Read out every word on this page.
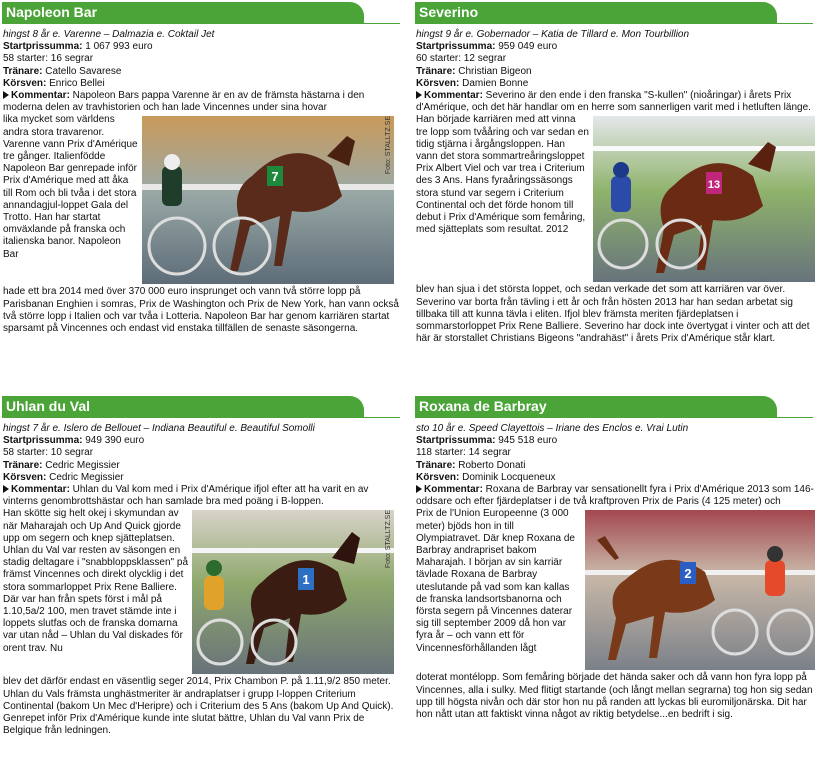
Napoleon Bar
hingst 8 år e. Varenne – Dalmazia e. Coktail Jet
Startprissumma: 1 067 993 euro
58 starter: 16 segrar
Tränare: Catello Savarese
Körsven: Enrico Bellei
Kommentar: Napoleon Bars pappa Varenne är en av de främsta hästarna i den moderna delen av travhistorien och han lade Vincennes under sina hovar
7
Foto: STALLTZ.SE
lika mycket som världens andra stora travarenor. Varenne vann Prix d'Amérique tre gånger. Italienfödde Napoleon Bar genrepade inför Prix d'Amérique med att åka till Rom och bli tvåa i det stora annandagjul-loppet Gala del Trotto. Han har startat omväxlande på franska och italienska banor. Napoleon Bar
hade ett bra 2014 med över 370 000 euro insprunget och vann två större lopp på Parisbanan Enghien i somras, Prix de Washington och Prix de New York, han vann också två större lopp i Italien och var tvåa i Lotteria. Napoleon Bar har genom karriären startat sparsamt på Vincennes och endast vid enstaka tillfällen de senaste säsongerna.
Severino
hingst 9 år e. Gobernador – Katia de Tillard e. Mon Tourbillion
Startprissumma: 959 049 euro
60 starter: 12 segrar
Tränare: Christian Bigeon
Körsven: Damien Bonne
Kommentar: Severino är den ende i den franska "S-kullen" (nioåringar) i årets Prix d'Amérique, och det här handlar om en herre som sannerligen varit med i hetluften länge.
13
Han började karriären med att vinna tre lopp som tvååring och var sedan en tidig stjärna i årgångsloppen. Han vann det stora sommartreåringsloppet Prix Albert Viel och var trea i Criterium des 3 Ans. Hans fyraåringssäsongs stora stund var segern i Criterium Continental och det förde honom till debut i Prix d'Amérique som femåring, med sjätteplats som resultat. 2012
blev han sjua i det största loppet, och sedan verkade det som att karriären var över. Severino var borta från tävling i ett år och från hösten 2013 har han sedan arbetat sig tillbaka till att kunna tävla i eliten. Ifjol blev främsta meriten fjärdeplatsen i sommarstorloppet Prix Rene Balliere. Severino har dock inte övertygat i vinter och att det här är storstallet Christians Bigeons "andrahäst" i årets Prix d'Amérique står klart.
Uhlan du Val
hingst 7 år e. Islero de Bellouet – Indiana Beautiful e. Beautiful Somolli
Startprissumma: 949 390 euro
58 starter: 10 segrar
Tränare: Cedric Megissier
Körsven: Cedric Megissier
Kommentar: Uhlan du Val kom med i Prix d'Amérique ifjol efter att ha varit en av vinterns genombrottshästar och han samlade bra med poäng i B-loppen.
1
Foto: STALLTZ.SE
Han skötte sig helt okej i skymundan av när Maharajah och Up And Quick gjorde upp om segern och knep sjätteplatsen. Uhlan du Val var resten av säsongen en stadig deltagare i "snabbloppsklassen" på främst Vincennes och direkt olycklig i det stora sommarloppet Prix Rene Balliere. Där var han från spets först i mål på 1.10,5a/2 100, men travet stämde inte i loppets slutfas och de franska domarna var utan nåd – Uhlan du Val diskades för orent trav. Nu
blev det därför endast en väsentlig seger 2014, Prix Chambon P. på 1.11,9/2 850 meter. Uhlan du Vals främsta unghästmeriter är andraplatser i grupp I-loppen Criterium Continental (bakom Un Mec d'Heripre) och i Criterium des 5 Ans (bakom Up And Quick). Genrepet inför Prix d'Amérique kunde inte slutat bättre, Uhlan du Val vann Prix de Belgique från ledningen.
Roxana de Barbray
sto 10 år e. Speed Clayettois – Iriane des Enclos e. Vrai Lutin
Startprissumma: 945 518 euro
118 starter: 14 segrar
Tränare: Roberto Donati
Körsven: Dominik Locqueneux
Kommentar: Roxana de Barbray var sensationellt fyra i Prix d'Amérique 2013 som 146-oddsare och efter fjärdeplatser i de två kraftproven Prix de Paris (4 125 meter) och
2
Prix de l'Union Europeenne (3 000 meter) bjöds hon in till Olympiatravet. Där knep Roxana de Barbray andrapriset bakom Maharajah. I början av sin karriär tävlade Roxana de Barbray uteslutande på vad som kan kallas de franska landsortsbanorna och första segern på Vincennes daterar sig till september 2009 då hon var fyra år – och vann ett för Vincennesförhållanden lågt
doterat montélopp. Som femåring började det hända saker och då vann hon fyra lopp på Vincennes, alla i sulky. Med flitigt startande (och långt mellan segrarna) tog hon sig sedan upp till högsta nivån och där stor hon nu på randen att lyckas bli euromiljonärska. Dit har hon nått utan att faktiskt vinna något av riktig betydelse...en bedrift i sig.
